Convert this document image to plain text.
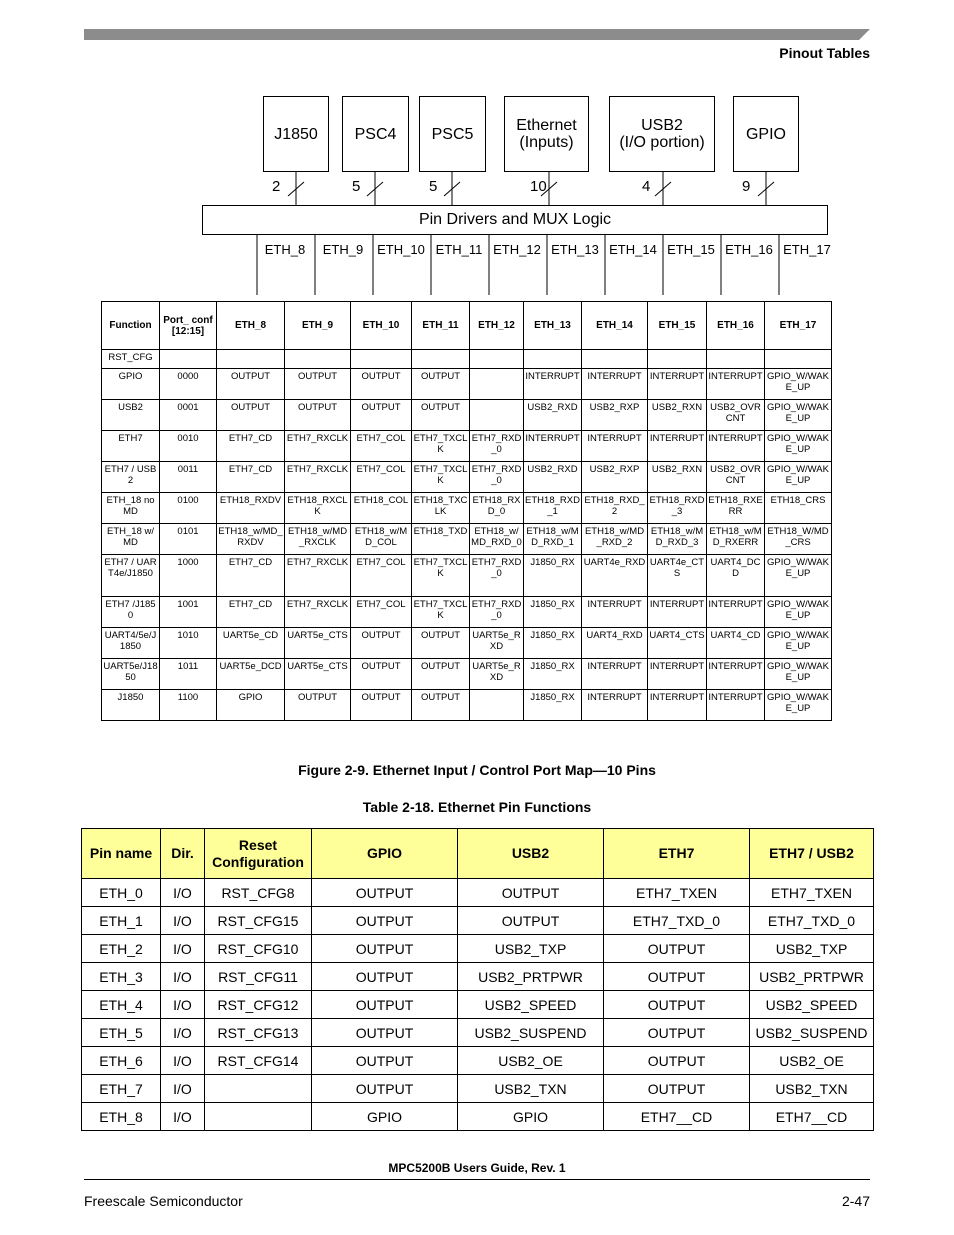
Pinout Tables
J1850	PSC4	PSC5	Ethernet
(Inputs)
USB2
(I/O portion)	GPIO
2	5	5	10	4	9
Pin Drivers and MUX Logic
ETH_8	ETH_9	ETH_10 ETH_11 ETH_12 ETH_13 ETH_14 ETH_15 ETH_16 ETH_17
Function	Port_ conf [12:15]	ETH_8	ETH_9	ETH_10	ETH_11	ETH_12	ETH_13	ETH_14	ETH_15	ETH_16	ETH_17
RST_CFG											
GPIO	0000	OUTPUT	OUTPUT	OUTPUT	OUTPUT		INTERRUPT	INTERRUPT	INTERRUPT	INTERRUPT	GPIO_W/WAKE_UP
USB2	0001	OUTPUT	OUTPUT	OUTPUT	OUTPUT		USB2_RXD	USB2_RXP	USB2_RXN	USB2_OVRCNT	GPIO_W/WAKE_UP
ETH7	0010	ETH7_CD	ETH7_RXCLK	ETH7_COL	ETH7_TXCLK	ETH7_RXD_0	INTERRUPT	INTERRUPT	INTERRUPT	INTERRUPT	GPIO_W/WAKE_UP
ETH7 / USB2	0011	ETH7_CD	ETH7_RXCLK	ETH7_COL	ETH7_TXCLK	ETH7_RXD_0	USB2_RXD	USB2_RXP	USB2_RXN	USB2_OVRCNT	GPIO_W/WAKE_UP
ETH_18 no MD	0100	ETH18_RXDV	ETH18_RXCLK	ETH18_COL	ETH18_TXCLK	ETH18_RXD_0	ETH18_RXD_1	ETH18_RXD_2	ETH18_RXD_3	ETH18_RXERR	ETH18_CRS
ETH_18 w/ MD	0101	ETH18_w/MD_RXDV	ETH18_w/MD_RXCLK	ETH18_w/MD_COL	ETH18_TXD	ETH18_w/MD_RXD_0	ETH18_w/MD_RXD_1	ETH18_w/MD_RXD_2	ETH18_w/MD_RXD_3	ETH18_w/MD_RXERR	ETH18_W/MD_CRS
ETH7 / UART4e/J1850	1000	ETH7_CD	ETH7_RXCLK	ETH7_COL	ETH7_TXCLK	ETH7_RXD_0	J1850_RX	UART4e_RXD	UART4e_CTS	UART4_DCD	GPIO_W/WAKE_UP
ETH7 /J1850	1001	ETH7_CD	ETH7_RXCLK	ETH7_COL	ETH7_TXCLK	ETH7_RXD_0	J1850_RX	INTERRUPT	INTERRUPT	INTERRUPT	GPIO_W/WAKE_UP
UART4/5e/J1850	1010	UART5e_CD	UART5e_CTS	OUTPUT	OUTPUT	UART5e_RXD	J1850_RX	UART4_RXD	UART4_CTS	UART4_CD	GPIO_W/WAKE_UP
UART5e/J1850	1011	UART5e_DCD	UART5e_CTS	OUTPUT	OUTPUT	UART5e_RXD	J1850_RX	INTERRUPT	INTERRUPT	INTERRUPT	GPIO_W/WAKE_UP
J1850	1100	GPIO	OUTPUT	OUTPUT	OUTPUT		J1850_RX	INTERRUPT	INTERRUPT	INTERRUPT	GPIO_W/WAKE_UP
Figure 2-9. Ethernet Input / Control Port Map—10 Pins
Table 2-18. Ethernet Pin Functions
Pin name	Dir.	Reset Configuration	GPIO	USB2	ETH7	ETH7 / USB2
ETH_0	I/O	RST_CFG8	OUTPUT	OUTPUT	ETH7_TXEN	ETH7_TXEN
ETH_1	I/O	RST_CFG15	OUTPUT	OUTPUT	ETH7_TXD_0	ETH7_TXD_0
ETH_2	I/O	RST_CFG10	OUTPUT	USB2_TXP	OUTPUT	USB2_TXP
ETH_3	I/O	RST_CFG11	OUTPUT	USB2_PRTPWR	OUTPUT	USB2_PRTPWR
ETH_4	I/O	RST_CFG12	OUTPUT	USB2_SPEED	OUTPUT	USB2_SPEED
ETH_5	I/O	RST_CFG13	OUTPUT	USB2_SUSPEND	OUTPUT	USB2_SUSPEND
ETH_6	I/O	RST_CFG14	OUTPUT	USB2_OE	OUTPUT	USB2_OE
ETH_7	I/O		OUTPUT	USB2_TXN	OUTPUT	USB2_TXN
ETH_8	I/O		GPIO	GPIO	ETH7__CD	ETH7__CD
MPC5200B Users Guide, Rev. 1
Freescale Semiconductor	2-47
